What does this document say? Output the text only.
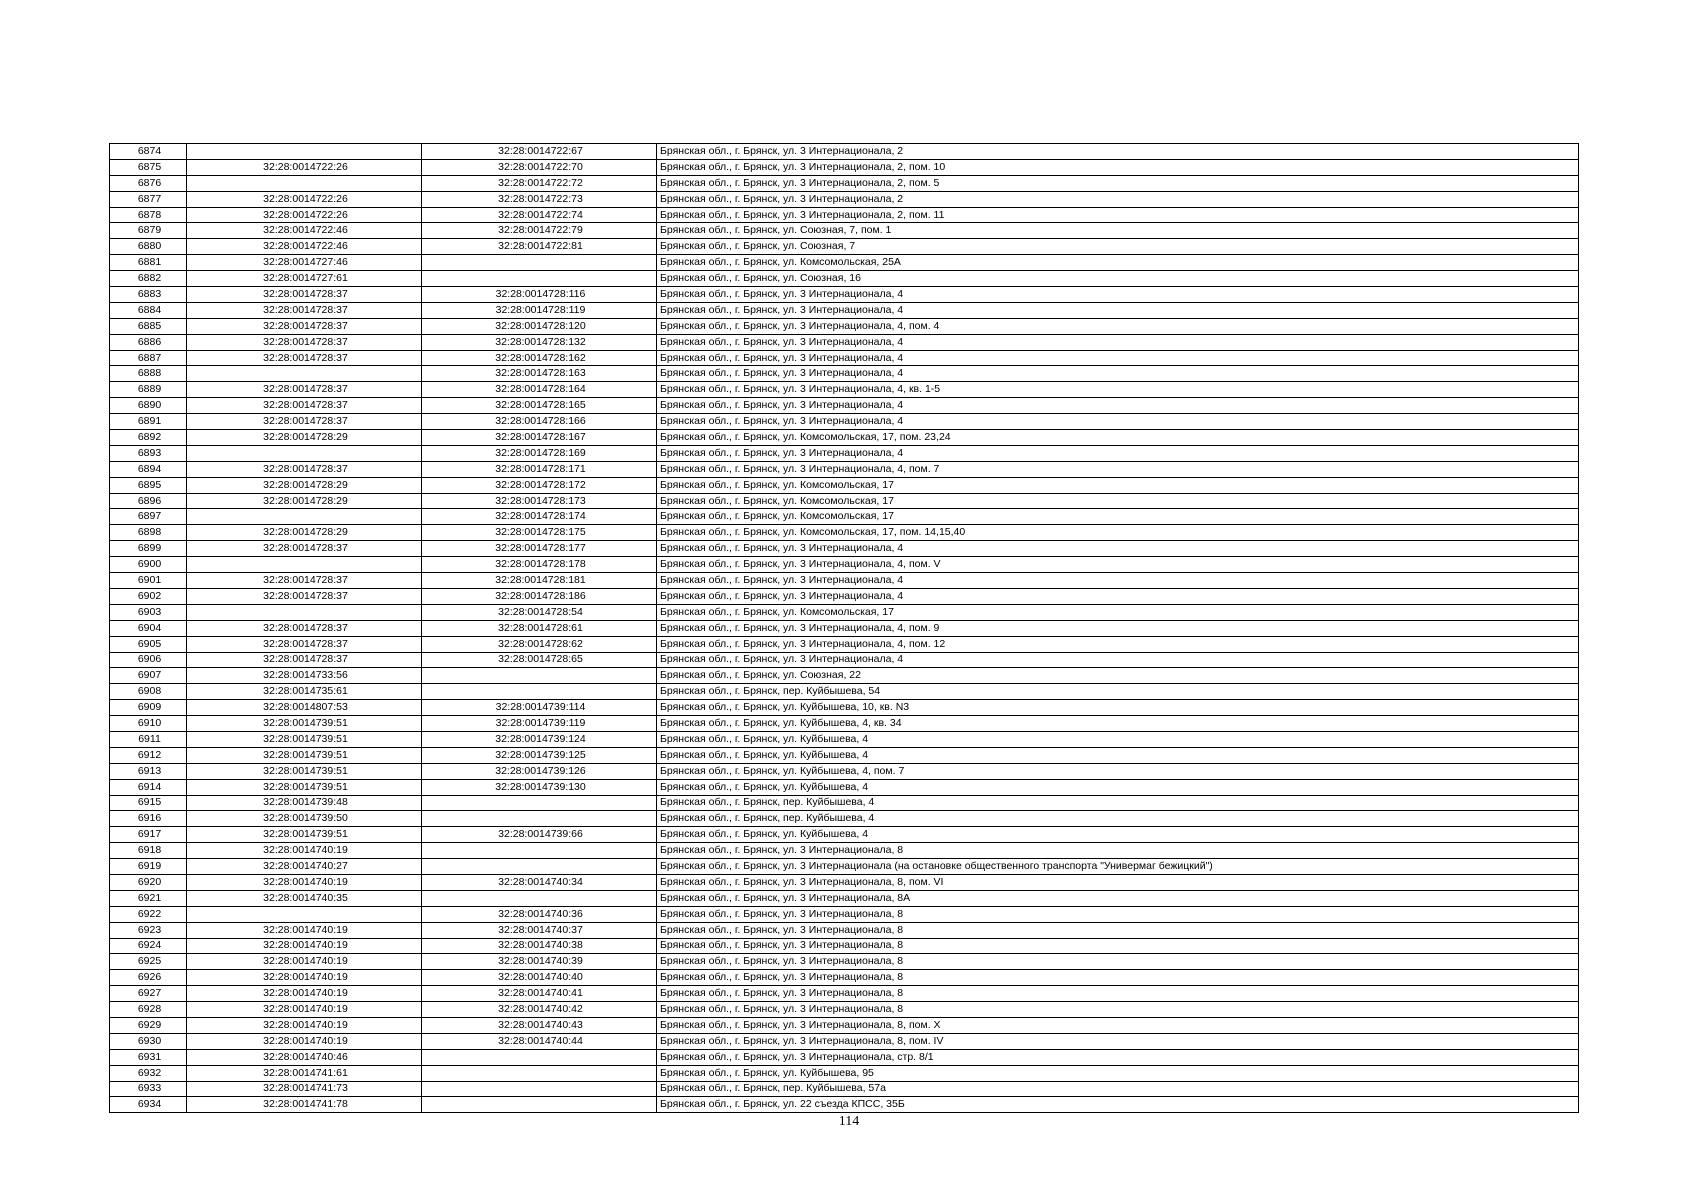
6874		32:28:0014722:67	Брянская обл., г. Брянск, ул. 3 Интернационала, 2
6875	32:28:0014722:26	32:28:0014722:70	Брянская обл., г. Брянск, ул. 3 Интернационала, 2, пом. 10
6876		32:28:0014722:72	Брянская обл., г. Брянск, ул. 3 Интернационала, 2, пом. 5
6877	32:28:0014722:26	32:28:0014722:73	Брянская обл., г. Брянск, ул. 3 Интернационала, 2
6878	32:28:0014722:26	32:28:0014722:74	Брянская обл., г. Брянск, ул. 3 Интернационала, 2, пом. 11
6879	32:28:0014722:46	32:28:0014722:79	Брянская обл., г. Брянск, ул. Союзная, 7, пом. 1
6880	32:28:0014722:46	32:28:0014722:81	Брянская обл., г. Брянск, ул. Союзная, 7
6881	32:28:0014727:46		Брянская обл., г. Брянск, ул. Комсомольская, 25А
6882	32:28:0014727:61		Брянская обл., г. Брянск, ул. Союзная, 16
6883	32:28:0014728:37	32:28:0014728:116	Брянская обл., г. Брянск, ул. 3 Интернационала, 4
6884	32:28:0014728:37	32:28:0014728:119	Брянская обл., г. Брянск, ул. 3 Интернационала, 4
6885	32:28:0014728:37	32:28:0014728:120	Брянская обл., г. Брянск, ул. 3 Интернационала, 4, пом. 4
6886	32:28:0014728:37	32:28:0014728:132	Брянская обл., г. Брянск, ул. 3 Интернационала, 4
6887	32:28:0014728:37	32:28:0014728:162	Брянская обл., г. Брянск, ул. 3 Интернационала, 4
6888		32:28:0014728:163	Брянская обл., г. Брянск, ул. 3 Интернационала, 4
6889	32:28:0014728:37	32:28:0014728:164	Брянская обл., г. Брянск, ул. 3 Интернационала, 4, кв. 1-5
6890	32:28:0014728:37	32:28:0014728:165	Брянская обл., г. Брянск, ул. 3 Интернационала, 4
6891	32:28:0014728:37	32:28:0014728:166	Брянская обл., г. Брянск, ул. 3 Интернационала, 4
6892	32:28:0014728:29	32:28:0014728:167	Брянская обл., г. Брянск, ул. Комсомольская, 17, пом. 23,24
6893		32:28:0014728:169	Брянская обл., г. Брянск, ул. 3 Интернационала, 4
6894	32:28:0014728:37	32:28:0014728:171	Брянская обл., г. Брянск, ул. 3 Интернационала, 4, пом. 7
6895	32:28:0014728:29	32:28:0014728:172	Брянская обл., г. Брянск, ул. Комсомольская, 17
6896	32:28:0014728:29	32:28:0014728:173	Брянская обл., г. Брянск, ул. Комсомольская, 17
6897		32:28:0014728:174	Брянская обл., г. Брянск, ул. Комсомольская, 17
6898	32:28:0014728:29	32:28:0014728:175	Брянская обл., г. Брянск, ул. Комсомольская, 17, пом. 14,15,40
6899	32:28:0014728:37	32:28:0014728:177	Брянская обл., г. Брянск, ул. 3 Интернационала, 4
6900		32:28:0014728:178	Брянская обл., г. Брянск, ул. 3 Интернационала, 4, пом. V
6901	32:28:0014728:37	32:28:0014728:181	Брянская обл., г. Брянск, ул. 3 Интернационала, 4
6902	32:28:0014728:37	32:28:0014728:186	Брянская обл., г. Брянск, ул. 3 Интернационала, 4
6903		32:28:0014728:54	Брянская обл., г. Брянск, ул. Комсомольская, 17
6904	32:28:0014728:37	32:28:0014728:61	Брянская обл., г. Брянск, ул. 3 Интернационала, 4, пом. 9
6905	32:28:0014728:37	32:28:0014728:62	Брянская обл., г. Брянск, ул. 3 Интернационала, 4, пом. 12
6906	32:28:0014728:37	32:28:0014728:65	Брянская обл., г. Брянск, ул. 3 Интернационала, 4
6907	32:28:0014733:56		Брянская обл., г. Брянск, ул. Союзная, 22
6908	32:28:0014735:61		Брянская обл., г. Брянск, пер. Куйбышева, 54
6909	32:28:0014807:53	32:28:0014739:114	Брянская обл., г. Брянск, ул. Куйбышева, 10, кв. N3
6910	32:28:0014739:51	32:28:0014739:119	Брянская обл., г. Брянск, ул. Куйбышева, 4, кв. 34
6911	32:28:0014739:51	32:28:0014739:124	Брянская обл., г. Брянск, ул. Куйбышева, 4
6912	32:28:0014739:51	32:28:0014739:125	Брянская обл., г. Брянск, ул. Куйбышева, 4
6913	32:28:0014739:51	32:28:0014739:126	Брянская обл., г. Брянск, ул. Куйбышева, 4, пом. 7
6914	32:28:0014739:51	32:28:0014739:130	Брянская обл., г. Брянск, ул. Куйбышева, 4
6915	32:28:0014739:48		Брянская обл., г. Брянск, пер. Куйбышева, 4
6916	32:28:0014739:50		Брянская обл., г. Брянск, пер. Куйбышева, 4
6917	32:28:0014739:51	32:28:0014739:66	Брянская обл., г. Брянск, ул. Куйбышева, 4
6918	32:28:0014740:19		Брянская обл., г. Брянск, ул. 3 Интернационала, 8
6919	32:28:0014740:27		Брянская обл., г. Брянск, ул. 3 Интернационала (на остановке общественного транспорта "Универмаг бежицкий")
6920	32:28:0014740:19	32:28:0014740:34	Брянская обл., г. Брянск, ул. 3 Интернационала, 8, пом. VI
6921	32:28:0014740:35		Брянская обл., г. Брянск, ул. 3 Интернационала, 8А
6922		32:28:0014740:36	Брянская обл., г. Брянск, ул. 3 Интернационала, 8
6923	32:28:0014740:19	32:28:0014740:37	Брянская обл., г. Брянск, ул. 3 Интернационала, 8
6924	32:28:0014740:19	32:28:0014740:38	Брянская обл., г. Брянск, ул. 3 Интернационала, 8
6925	32:28:0014740:19	32:28:0014740:39	Брянская обл., г. Брянск, ул. 3 Интернационала, 8
6926	32:28:0014740:19	32:28:0014740:40	Брянская обл., г. Брянск, ул. 3 Интернационала, 8
6927	32:28:0014740:19	32:28:0014740:41	Брянская обл., г. Брянск, ул. 3 Интернационала, 8
6928	32:28:0014740:19	32:28:0014740:42	Брянская обл., г. Брянск, ул. 3 Интернационала, 8
6929	32:28:0014740:19	32:28:0014740:43	Брянская обл., г. Брянск, ул. 3 Интернационала, 8, пом. X
6930	32:28:0014740:19	32:28:0014740:44	Брянская обл., г. Брянск, ул. 3 Интернационала, 8, пом. IV
6931	32:28:0014740:46		Брянская обл., г. Брянск, ул. 3 Интернационала, стр. 8/1
6932	32:28:0014741:61		Брянская обл., г. Брянск, ул. Куйбышева, 95
6933	32:28:0014741:73		Брянская обл., г. Брянск, пер. Куйбышева, 57а
6934	32:28:0014741:78		Брянская обл., г. Брянск, ул. 22 съезда КПСС, 35Б
114
